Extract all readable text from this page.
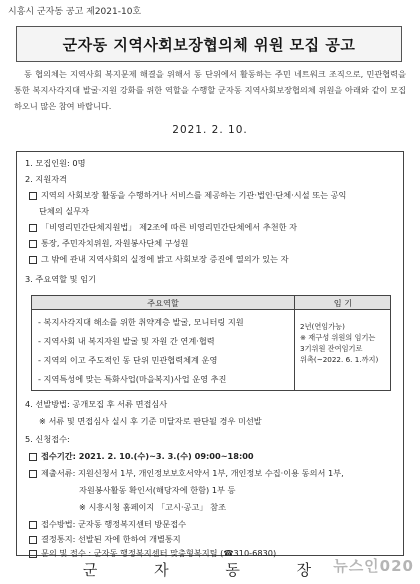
시흥시 군자동 공고 제2021-10호
군자동 지역사회보장협의체 위원 모집 공고
동 협의체는 지역사회 복지문제 해결을 위해서 동 단위에서 활동하는 주민 네트워크 조직으로, 민관협력을 통한 복지사각지대 발굴·지원 강화를 위한 역할을 수행할 군자동 지역사회보장협의체 위원을 아래와 같이 모집하오니 많은 참여 바랍니다.
2021. 2. 10.
1. 모집인원: 0명
2. 지원자격
지역의 사회보장 활동을 수행하거나 서비스를 제공하는 기관·법인·단체·시설 또는 공익
단체의 실무자
「비영리민간단체지원법」 제2조에 따른 비영리민간단체에서 추천한 자
통장, 주민자치위원, 자원봉사단체 구성원
그 밖에 관내 지역사회의 실정에 밝고 사회보장 증진에 열의가 있는 자
3. 주요역할 및 임기
주요역할	임 기
- 복지사각지대 해소를 위한 취약계층 발굴, 모니터링 지원
- 지역사회 내 복지자원 발굴 및 자원 간 연계·협력
- 지역의 이고 주도적인 동 단위 민관협력체계 운영
- 지역특성에 맞는 특화사업(마을복지)사업 운영 추진
2년(연임가능)
※ 재구성 위원의 임기는
3기위원 잔여임기로
위촉(~2022. 6. 1.까지)
4. 선발방법: 공개모집 후 서류 면접심사
※ 서류 및 면접심사 실시 후 기준 미달자로 판단될 경우 미선발
5. 신청접수:
접수기간: 2021. 2. 10.(수)~3. 3.(수) 09:00~18:00
제출서류: 지원신청서 1부, 개인정보보호서약서 1부, 개인정보 수집·이용 동의서 1부,
자원봉사활동 확인서(해당자에 한함) 1부 등
※ 시흥시청 홈페이지 「고시·공고」 참조
접수방법: 군자동 행정복지센터 방문접수
결정통지: 선발된 자에 한하여 개별통지
문의 및 접수 : 군자동 행정복지센터 맞춤형복지팀 (☎310-6830)
군 자 동 장
뉴스인020
